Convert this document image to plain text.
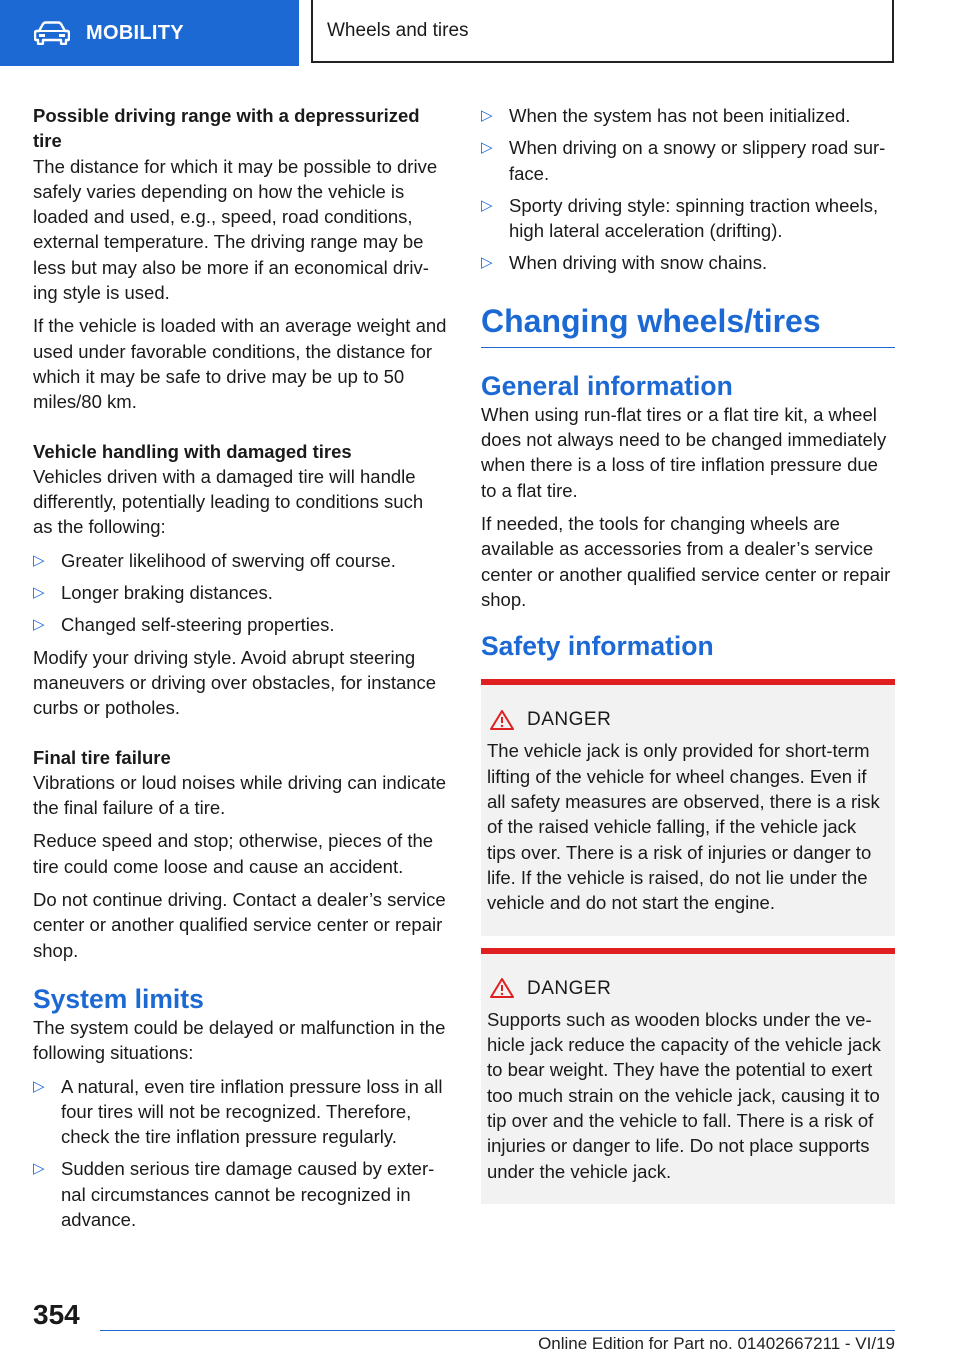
MOBILITY	Wheels and tires
Possible driving range with a depressurized tire

The distance for which it may be possible to drive safely varies depending on how the vehicle is loaded and used, e.g., speed, road conditions, external temperature. The driving range may be less but may also be more if an economical driving style is used.

If the vehicle is loaded with an average weight and used under favorable conditions, the distance for which it may be safe to drive may be up to 50 miles/80 km.

Vehicle handling with damaged tires

Vehicles driven with a damaged tire will handle differently, potentially leading to conditions such as the following:

▷ Greater likelihood of swerving off course.
▷ Longer braking distances.
▷ Changed self-steering properties.

Modify your driving style. Avoid abrupt steering maneuvers or driving over obstacles, for instance curbs or potholes.

Final tire failure

Vibrations or loud noises while driving can indicate the final failure of a tire.

Reduce speed and stop; otherwise, pieces of the tire could come loose and cause an accident.

Do not continue driving. Contact a dealer’s service center or another qualified service center or repair shop.

System limits

The system could be delayed or malfunction in the following situations:

▷ A natural, even tire inflation pressure loss in all four tires will not be recognized. Therefore, check the tire inflation pressure regularly.
▷ Sudden serious tire damage caused by external circumstances cannot be recognized in advance.
▷ When the system has not been initialized.
▷ When driving on a snowy or slippery road surface.
▷ Sporty driving style: spinning traction wheels, high lateral acceleration (drifting).
▷ When driving with snow chains.
Changing wheels/tires
General information

When using run-flat tires or a flat tire kit, a wheel does not always need to be changed immediately when there is a loss of tire inflation pressure due to a flat tire.

If needed, the tools for changing wheels are available as accessories from a dealer’s service center or another qualified service center or repair shop.

Safety information
DANGER

The vehicle jack is only provided for short-term lifting of the vehicle for wheel changes. Even if all safety measures are observed, there is a risk of the raised vehicle falling, if the vehicle jack tips over. There is a risk of injuries or danger to life. If the vehicle is raised, do not lie under the vehicle and do not start the engine.

DANGER

Supports such as wooden blocks under the vehicle jack reduce the capacity of the vehicle jack to bear weight. They have the potential to exert too much strain on the vehicle jack, causing it to tip over and the vehicle to fall. There is a risk of injuries or danger to life. Do not place supports under the vehicle jack.

354
Online Edition for Part no. 01402667211 - VI/19
